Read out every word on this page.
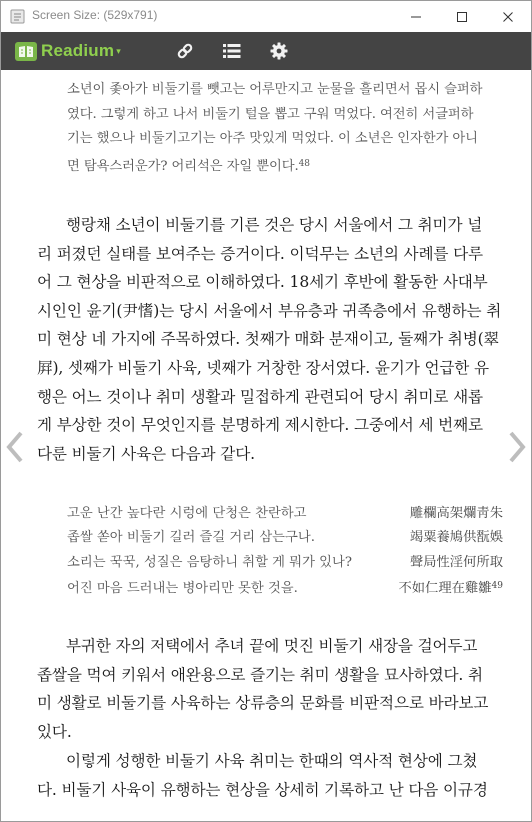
Screen Size: (529x791)
Readium ▾
소년이 좇아가 비둘기를 뺏고는 어루만지고 눈물을 흘리면서 몹시 슬퍼하
였다. 그렇게 하고 나서 비둘기 털을 뽑고 구워 먹었다. 여전히 서글퍼하
기는 했으나 비둘기고기는 아주 맛있게 먹었다. 이 소년은 인자한가 아니
면 탐욕스러운가? 어리석은 자일 뿐이다.$^{48}$
행랑채 소년이 비둘기를 기른 것은 당시 서울에서 그 취미가 널
리 퍼졌던 실태를 보여주는 증거이다. 이덕무는 소년의 사례를 다루
어 그 현상을 비판적으로 이해하였다. 18세기 후반에 활동한 사대부
시인인 윤기(尹愭)는 당시 서울에서 부유층과 귀족층에서 유행하는 취
미 현상 네 가지에 주목하였다. 첫째가 매화 분재이고, 둘째가 취병(翠
屛), 셋째가 비둘기 사육, 넷째가 거창한 장서였다. 윤기가 언급한 유
행은 어느 것이나 취미 생활과 밀접하게 관련되어 당시 취미로 새롭
게 부상한 것이 무엇인지를 분명하게 제시한다. 그중에서 세 번째로
다룬 비둘기 사육은 다음과 같다.
고운 난간 높다란 시렁에 단청은 찬란하고	雕欄高架爛靑朱
좁쌀 쏟아 비둘기 길러 즐길 거리 삼는구나.	竭粟養鳩供翫娛
소리는 꾹꾹, 성질은 음탕하니 취할 게 뭐가 있나?	聲局性淫何所取
어진 마음 드러내는 병아리만 못한 것을.	不如仁理在雞雛$^{49}$
부귀한 자의 저택에서 추녀 끝에 멋진 비둘기 새장을 걸어두고
좁쌀을 먹여 키워서 애완용으로 즐기는 취미 생활을 묘사하였다. 취
미 생활로 비둘기를 사육하는 상류층의 문화를 비판적으로 바라보고
있다.
이렇게 성행한 비둘기 사육 취미는 한때의 역사적 현상에 그쳤
다. 비둘기 사육이 유행하는 현상을 상세히 기록하고 난 다음 이규경
